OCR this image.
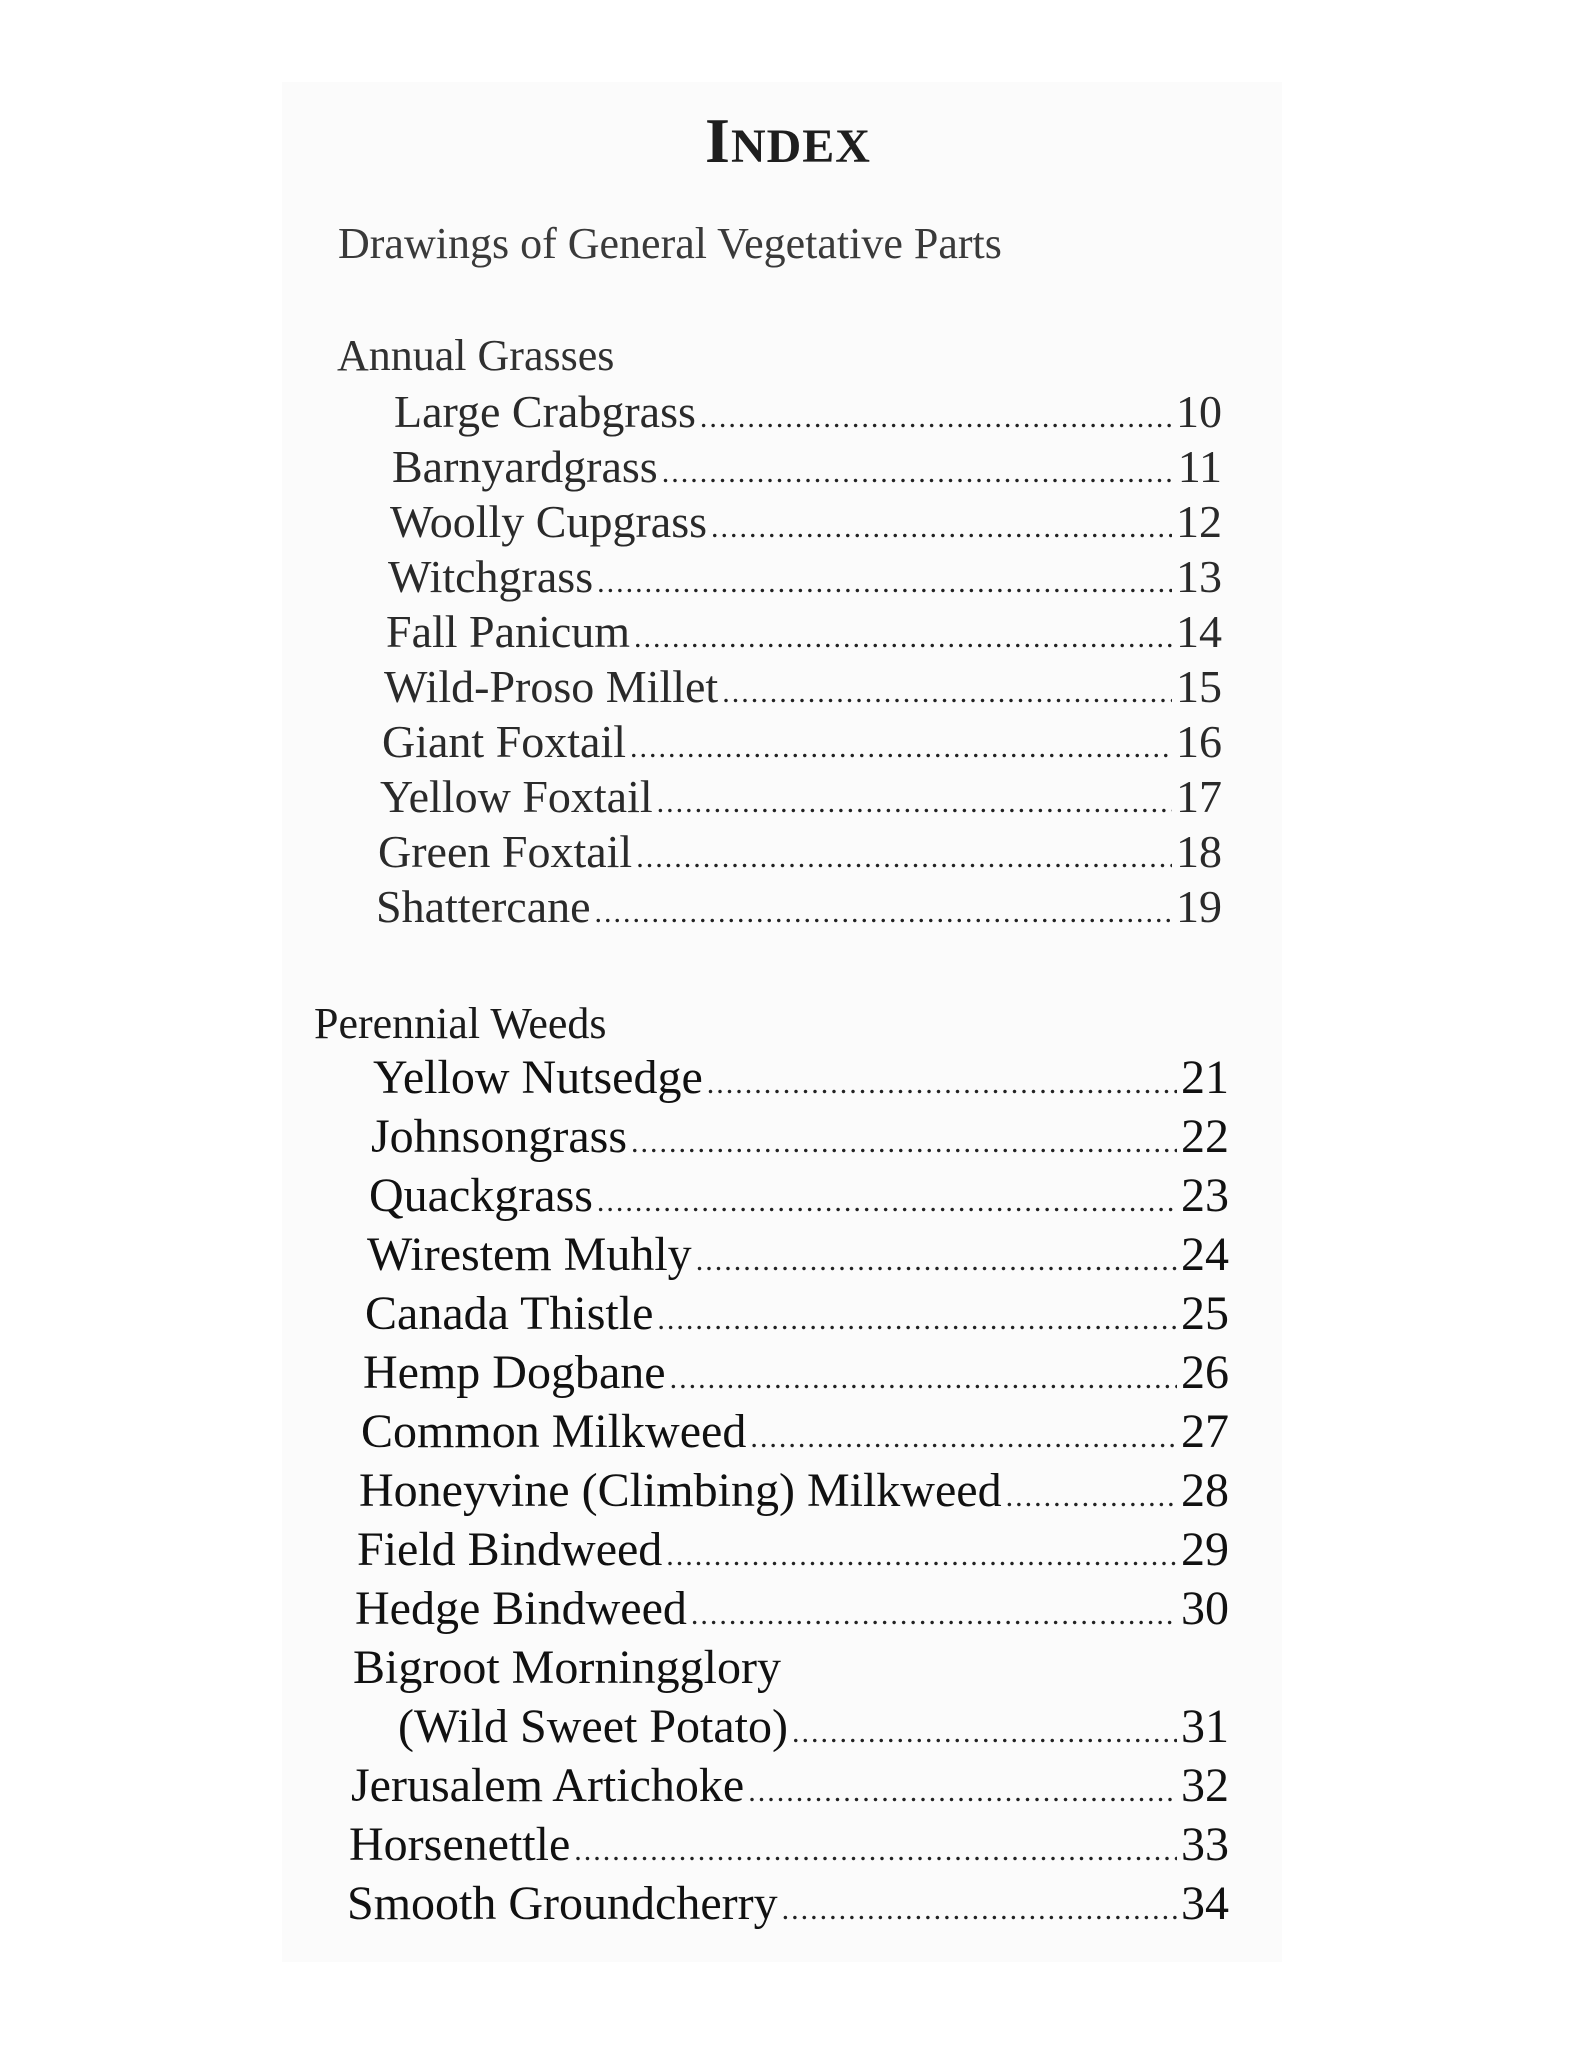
INDEX
Drawings of General Vegetative Parts
Annual Grasses
Large Crabgrass .....	10
Barnyardgrass .....	11
Woolly Cupgrass .....	12
Witchgrass .....	13
Fall Panicum .....	14
Wild-Proso Millet .....	15
Giant Foxtail .....	16
Yellow Foxtail .....	17
Green Foxtail .....	18
Shattercane .....	19
Perennial Weeds
Yellow Nutsedge .....	21
Johnsongrass .....	22
Quackgrass .....	23
Wirestem Muhly .....	24
Canada Thistle .....	25
Hemp Dogbane .....	26
Common Milkweed .....	27
Honeyvine (Climbing) Milkweed .....	28
Field Bindweed .....	29
Hedge Bindweed .....	30
Bigroot Morningglory
(Wild Sweet Potato) .....	31
Jerusalem Artichoke .....	32
Horsenettle .....	33
Smooth Groundcherry .....	34
